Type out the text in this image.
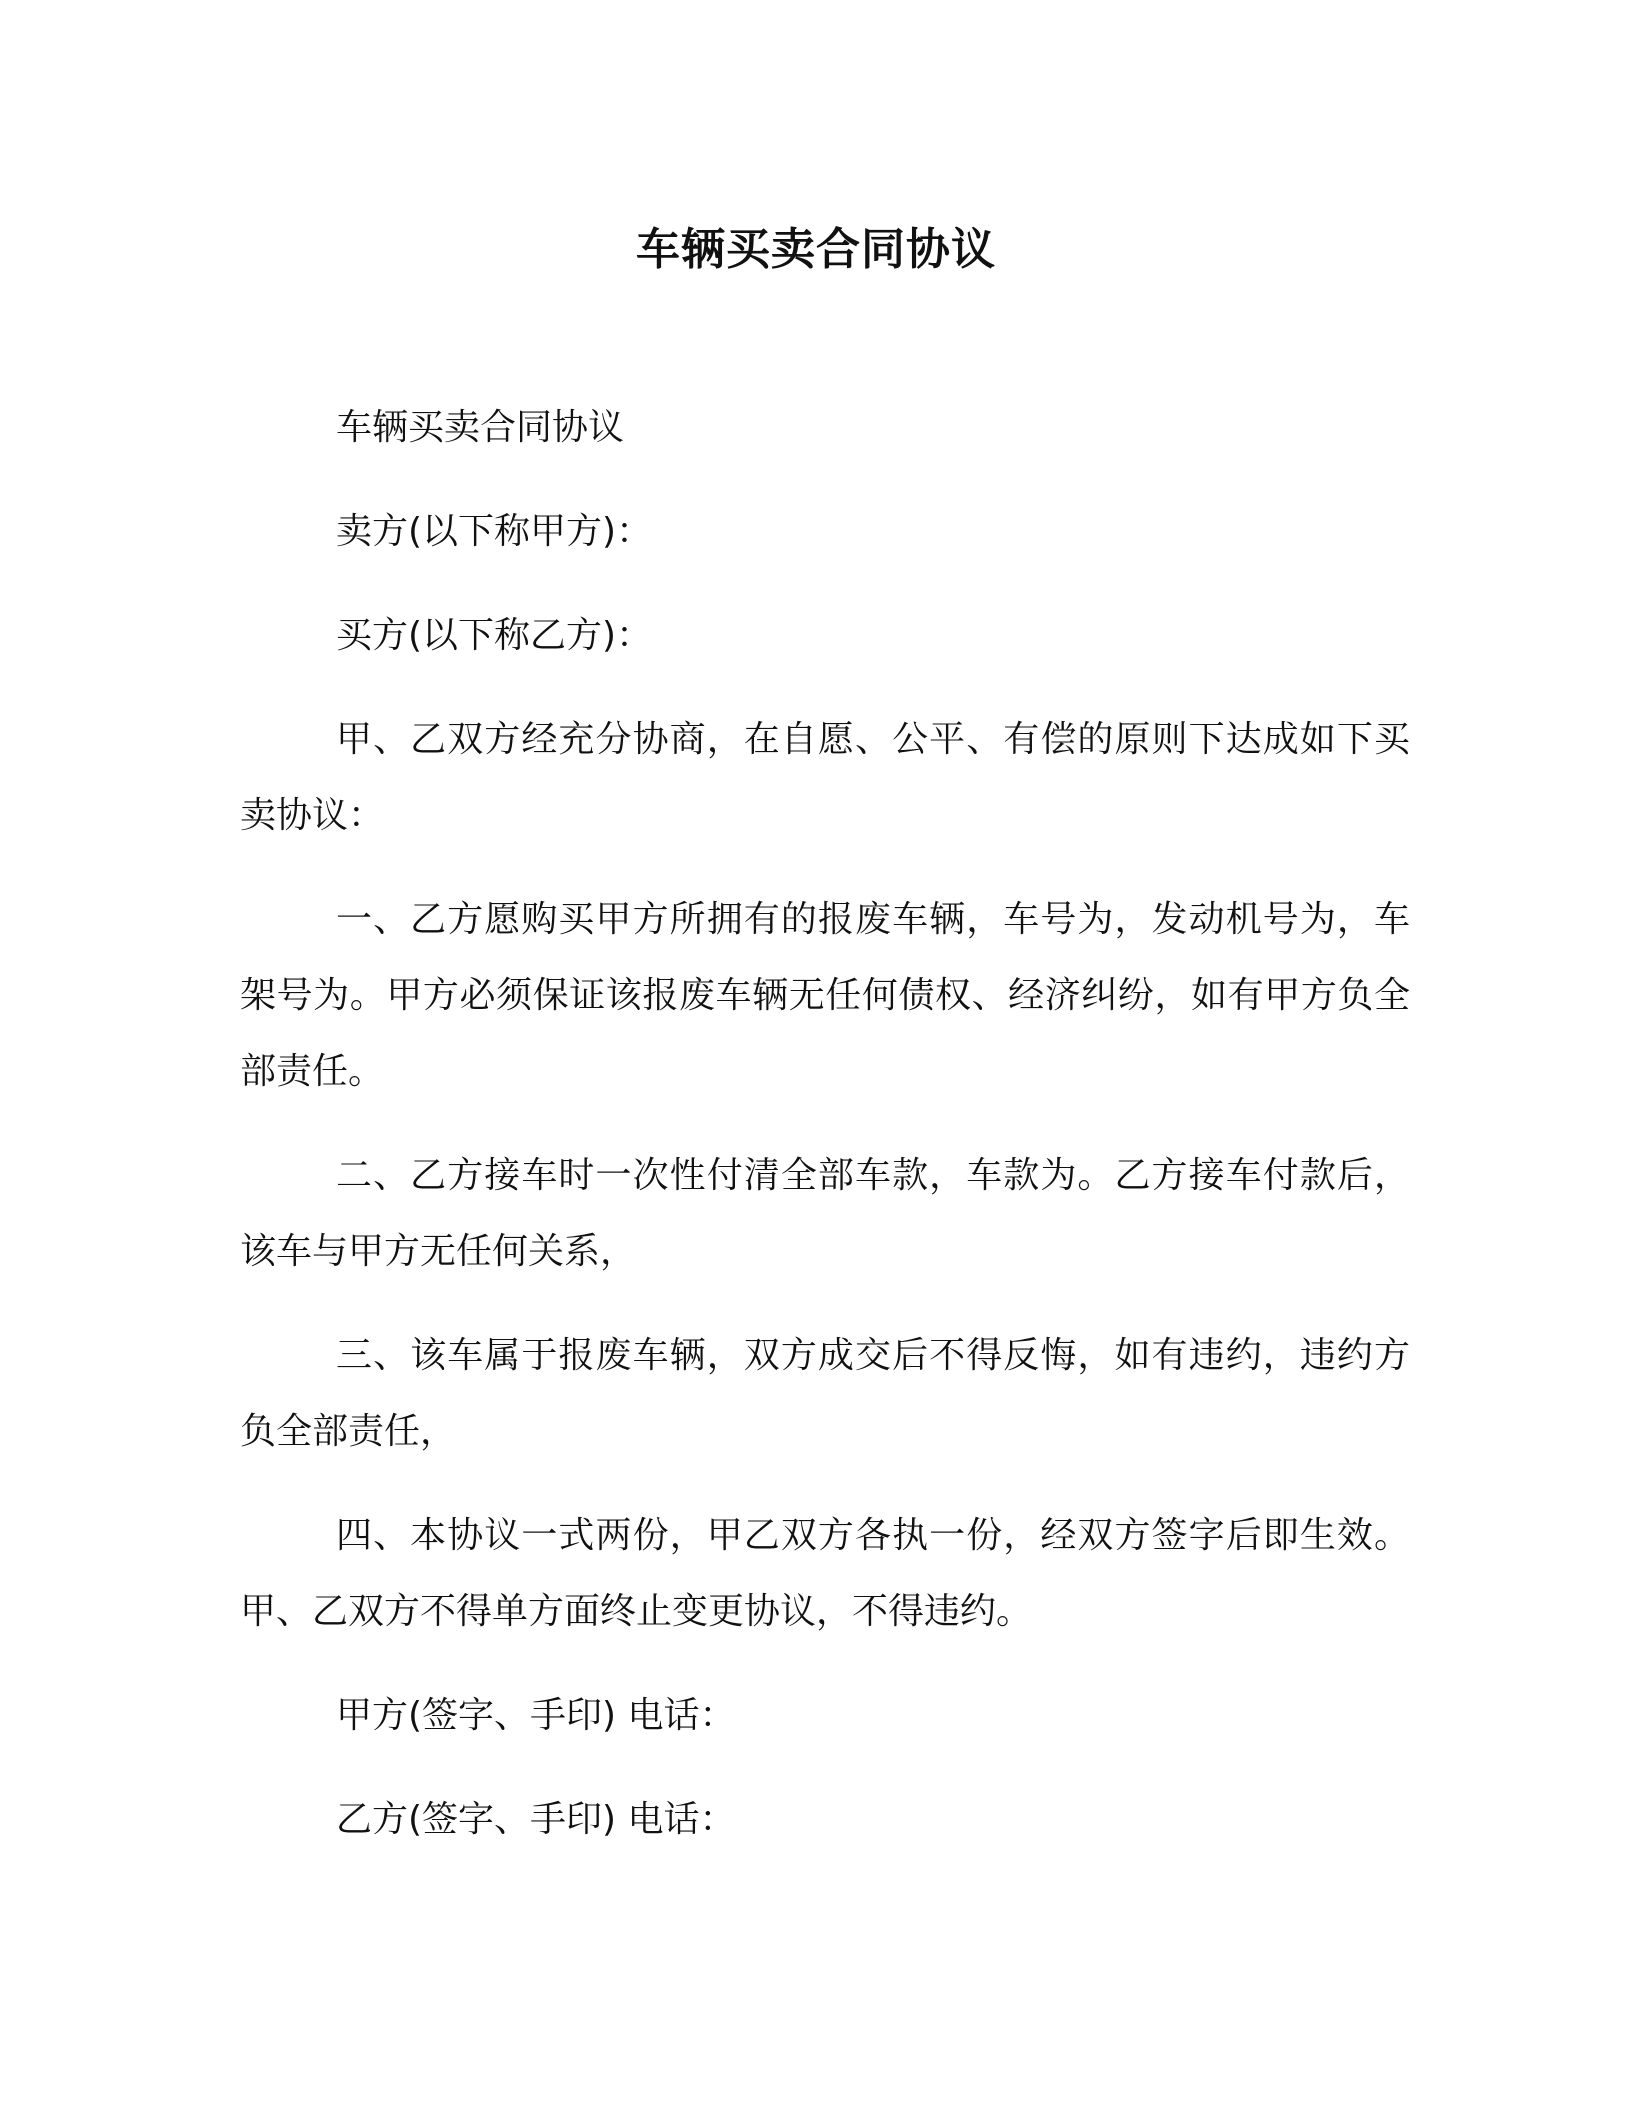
车辆买卖合同协议

车辆买卖合同协议

卖方(以下称甲方)：

买方(以下称乙方)：

甲、乙双方经充分协商，在自愿、公平、有偿的原则下达成如下买卖协议：

一、乙方愿购买甲方所拥有的报废车辆，车号为，发动机号为，车架号为。甲方必须保证该报废车辆无任何债权、经济纠纷，如有甲方负全部责任。

二、乙方接车时一次性付清全部车款，车款为。乙方接车付款后，该车与甲方无任何关系，

三、该车属于报废车辆，双方成交后不得反悔，如有违约，违约方负全部责任，

四、本协议一式两份，甲乙双方各执一份，经双方签字后即生效。甲、乙双方不得单方面终止变更协议，不得违约。

甲方(签字、手印) 电话：

乙方(签字、手印) 电话：
